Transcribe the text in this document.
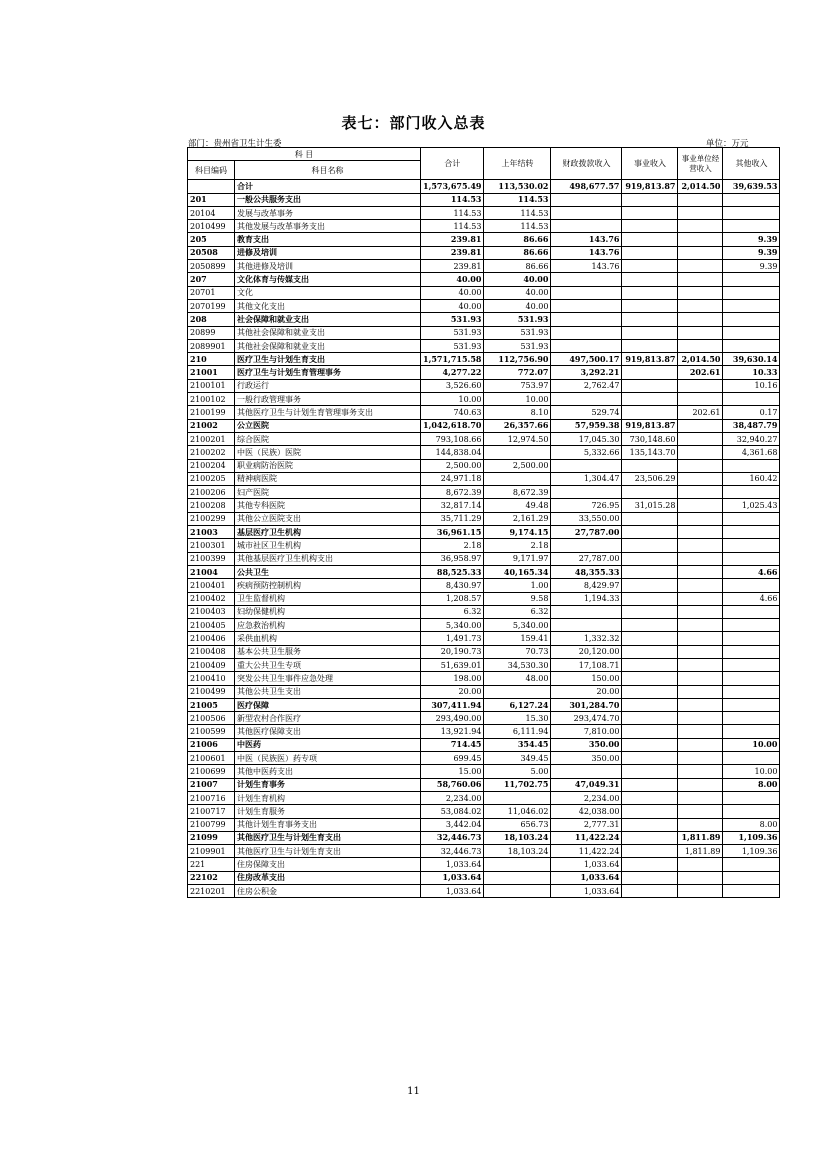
表七：部门收入总表
部门：贵州省卫生计生委	单位：万元
科 目		合计	上年结转	财政拨款收入	事业收入	事业单位经营收入	其他收入
科目编码	科目名称						
	合计	1,573,675.49	113,530.02	498,677.57	919,813.87	2,014.50	39,639.53
201	一般公共服务支出	114.53	114.53				
20104	发展与改革事务	114.53	114.53				
2010499	其他发展与改革事务支出	114.53	114.53				
205	教育支出	239.81	86.66	143.76			9.39
20508	进修及培训	239.81	86.66	143.76			9.39
2050899	其他进修及培训	239.81	86.66	143.76			9.39
207	文化体育与传媒支出	40.00	40.00				
20701	文化	40.00	40.00				
2070199	其他文化支出	40.00	40.00				
208	社会保障和就业支出	531.93	531.93				
20899	其他社会保障和就业支出	531.93	531.93				
2089901	其他社会保障和就业支出	531.93	531.93				
210	医疗卫生与计划生育支出	1,571,715.58	112,756.90	497,500.17	919,813.87	2,014.50	39,630.14
21001	医疗卫生与计划生育管理事务	4,277.22	772.07	3,292.21		202.61	10.33
2100101	行政运行	3,526.60	753.97	2,762.47			10.16
2100102	一般行政管理事务	10.00	10.00				
2100199	其他医疗卫生与计划生育管理事务支出	740.63	8.10	529.74		202.61	0.17
21002	公立医院	1,042,618.70	26,357.66	57,959.38	919,813.87		38,487.79
2100201	综合医院	793,108.66	12,974.50	17,045.30	730,148.60		32,940.27
2100202	中医（民族）医院	144,838.04		5,332.66	135,143.70		4,361.68
2100204	职业病防治医院	2,500.00	2,500.00				
2100205	精神病医院	24,971.18		1,304.47	23,506.29		160.42
2100206	妇产医院	8,672.39	8,672.39				
2100208	其他专科医院	32,817.14	49.48	726.95	31,015.28		1,025.43
2100299	其他公立医院支出	35,711.29	2,161.29	33,550.00			
21003	基层医疗卫生机构	36,961.15	9,174.15	27,787.00			
2100301	城市社区卫生机构	2.18	2.18				
2100399	其他基层医疗卫生机构支出	36,958.97	9,171.97	27,787.00			
21004	公共卫生	88,525.33	40,165.34	48,355.33			4.66
2100401	疾病预防控制机构	8,430.97	1.00	8,429.97			
2100402	卫生监督机构	1,208.57	9.58	1,194.33			4.66
2100403	妇幼保健机构	6.32	6.32				
2100405	应急救治机构	5,340.00	5,340.00				
2100406	采供血机构	1,491.73	159.41	1,332.32			
2100408	基本公共卫生服务	20,190.73	70.73	20,120.00			
2100409	重大公共卫生专项	51,639.01	34,530.30	17,108.71			
2100410	突发公共卫生事件应急处理	198.00	48.00	150.00			
2100499	其他公共卫生支出	20.00		20.00			
21005	医疗保障	307,411.94	6,127.24	301,284.70			
2100506	新型农村合作医疗	293,490.00	15.30	293,474.70			
2100599	其他医疗保障支出	13,921.94	6,111.94	7,810.00			
21006	中医药	714.45	354.45	350.00			10.00
2100601	中医（民族医）药专项	699.45	349.45	350.00			
2100699	其他中医药支出	15.00	5.00				10.00
21007	计划生育事务	58,760.06	11,702.75	47,049.31			8.00
2100716	计划生育机构	2,234.00		2,234.00			
2100717	计划生育服务	53,084.02	11,046.02	42,038.00			
2100799	其他计划生育事务支出	3,442.04	656.73	2,777.31			8.00
21099	其他医疗卫生与计划生育支出	32,446.73	18,103.24	11,422.24		1,811.89	1,109.36
2109901	其他医疗卫生与计划生育支出	32,446.73	18,103.24	11,422.24		1,811.89	1,109.36
221	住房保障支出	1,033.64		1,033.64			
22102	住房改革支出	1,033.64		1,033.64			
2210201	住房公积金	1,033.64		1,033.64			
11
